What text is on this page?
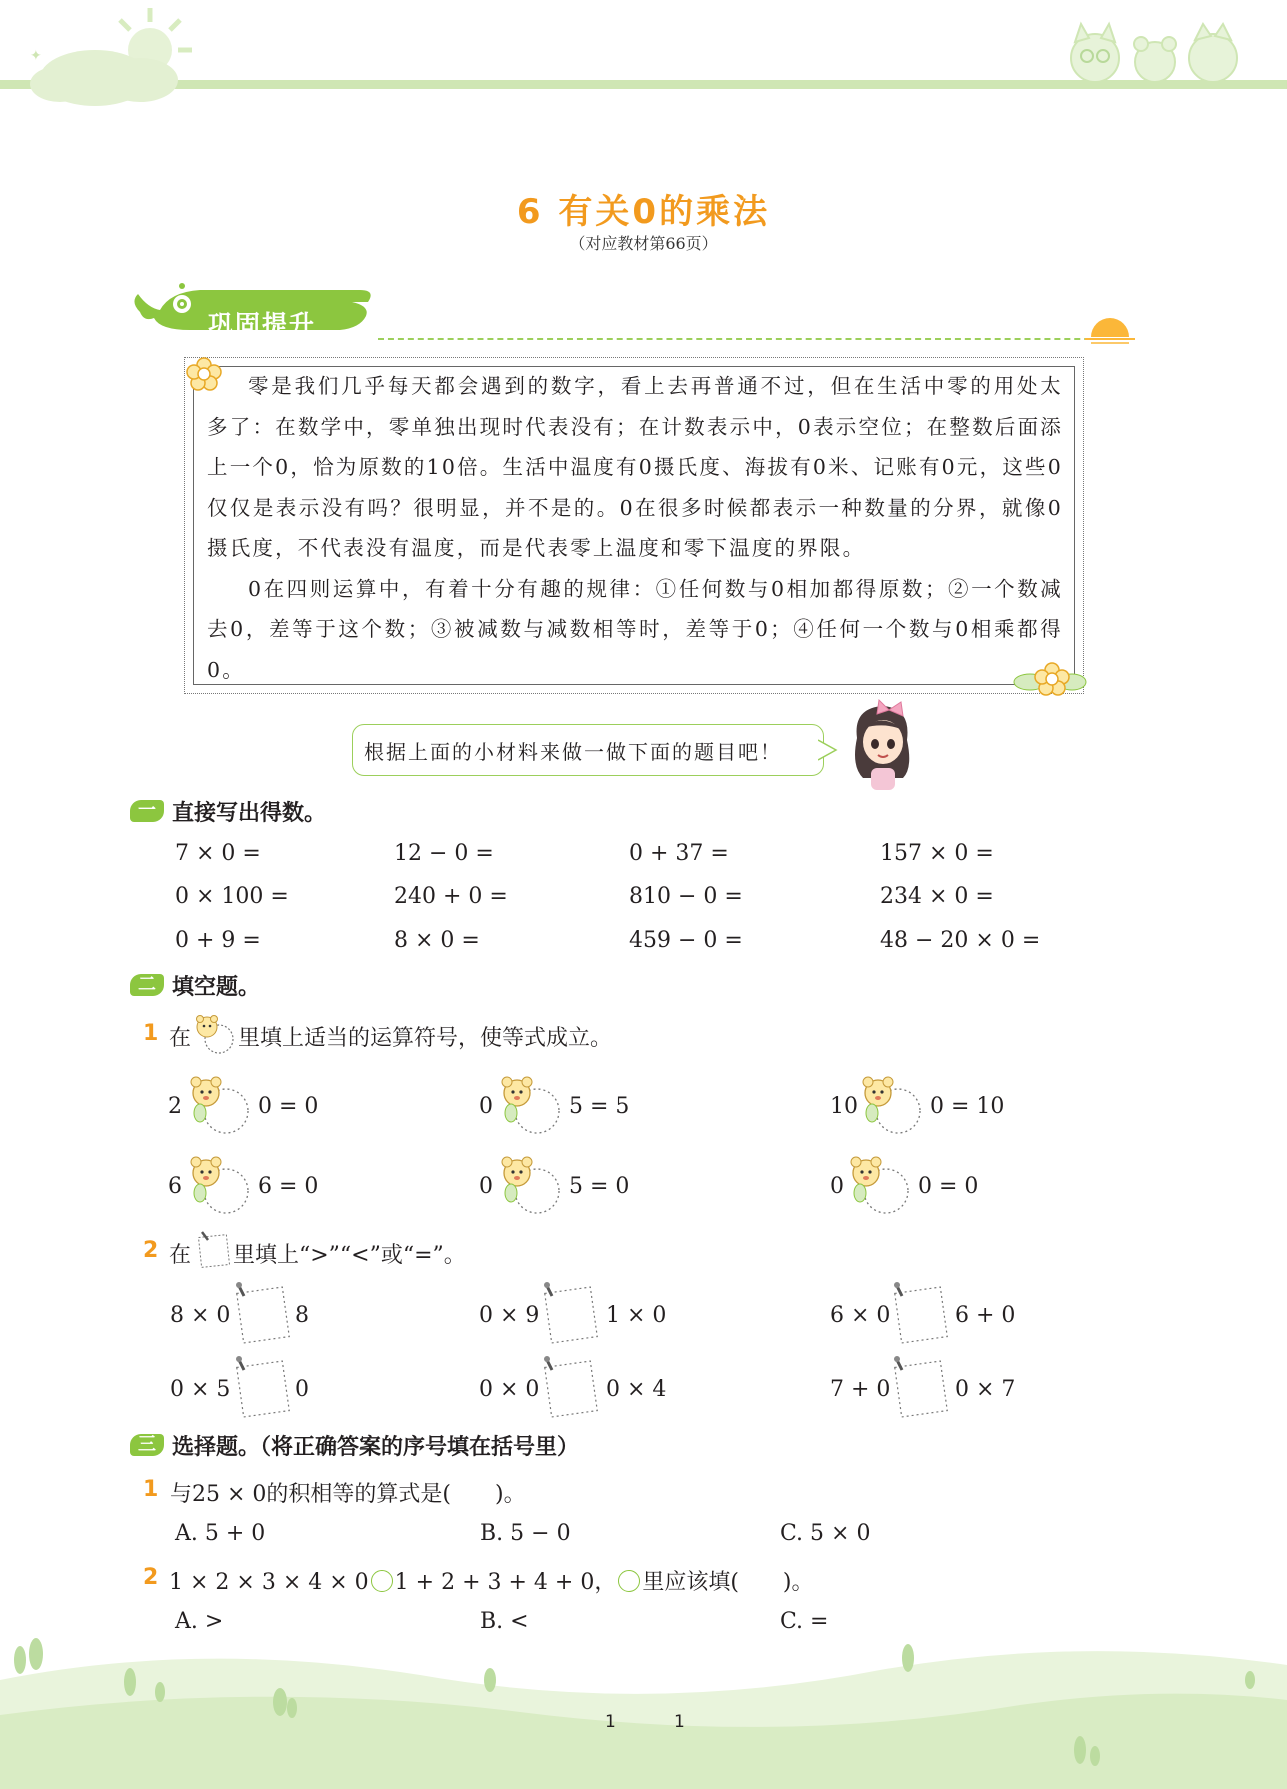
✦
6 有关0的乘法
（对应教材第66页）
巩固提升

零是我们几乎每天都会遇到的数字，看上去再普通不过，但在生活中零的用处太多了：在数学中，零单独出现时代表没有；在计数表示中，0表示空位；在整数后面添上一个0，恰为原数的10倍。生活中温度有0摄氏度、海拔有0米、记账有0元，这些0仅仅是表示没有吗？很明显，并不是的。0在很多时候都表示一种数量的分界，就像0摄氏度，不代表没有温度，而是代表零上温度和零下温度的界限。

0在四则运算中，有着十分有趣的规律：①任何数与0相加都得原数；②一个数减去0，差等于这个数；③被减数与减数相等时，差等于0；④任何一个数与0相乘都得0。

根据上面的小材料来做一做下面的题目吧！
一 直接写出得数。
7 × 0 =	12 − 0 =	0 + 37 =	157 × 0 =
0 × 100 =	240 + 0 =	810 − 0 =	234 × 0 =
0 + 9 =	8 × 0 =	459 − 0 =	48 − 20 × 0 =
二 填空题。
1 在 里填上适当的运算符号，使等式成立。
2	0 = 0	0	5 = 5	10	0 = 10
6	6 = 0	0	5 = 0	0	0 = 0
2 在 里填上“>”“<”或“=”。
8 × 0	8	0 × 9	1 × 0	6 × 0	6 + 0
0 × 5	0	0 × 0	0 × 4	7 + 0	0 × 7
三 选择题。（将正确答案的序号填在括号里）
1 与25 × 0的积相等的算式是(　　)。
A. 5 + 0	B. 5 − 0	C. 5 × 0
2 1 × 2 × 3 × 4 × 0 1 + 2 + 3 + 4 + 0， 里应该填(　　)。
A. >	B. <	C. =
1	1
